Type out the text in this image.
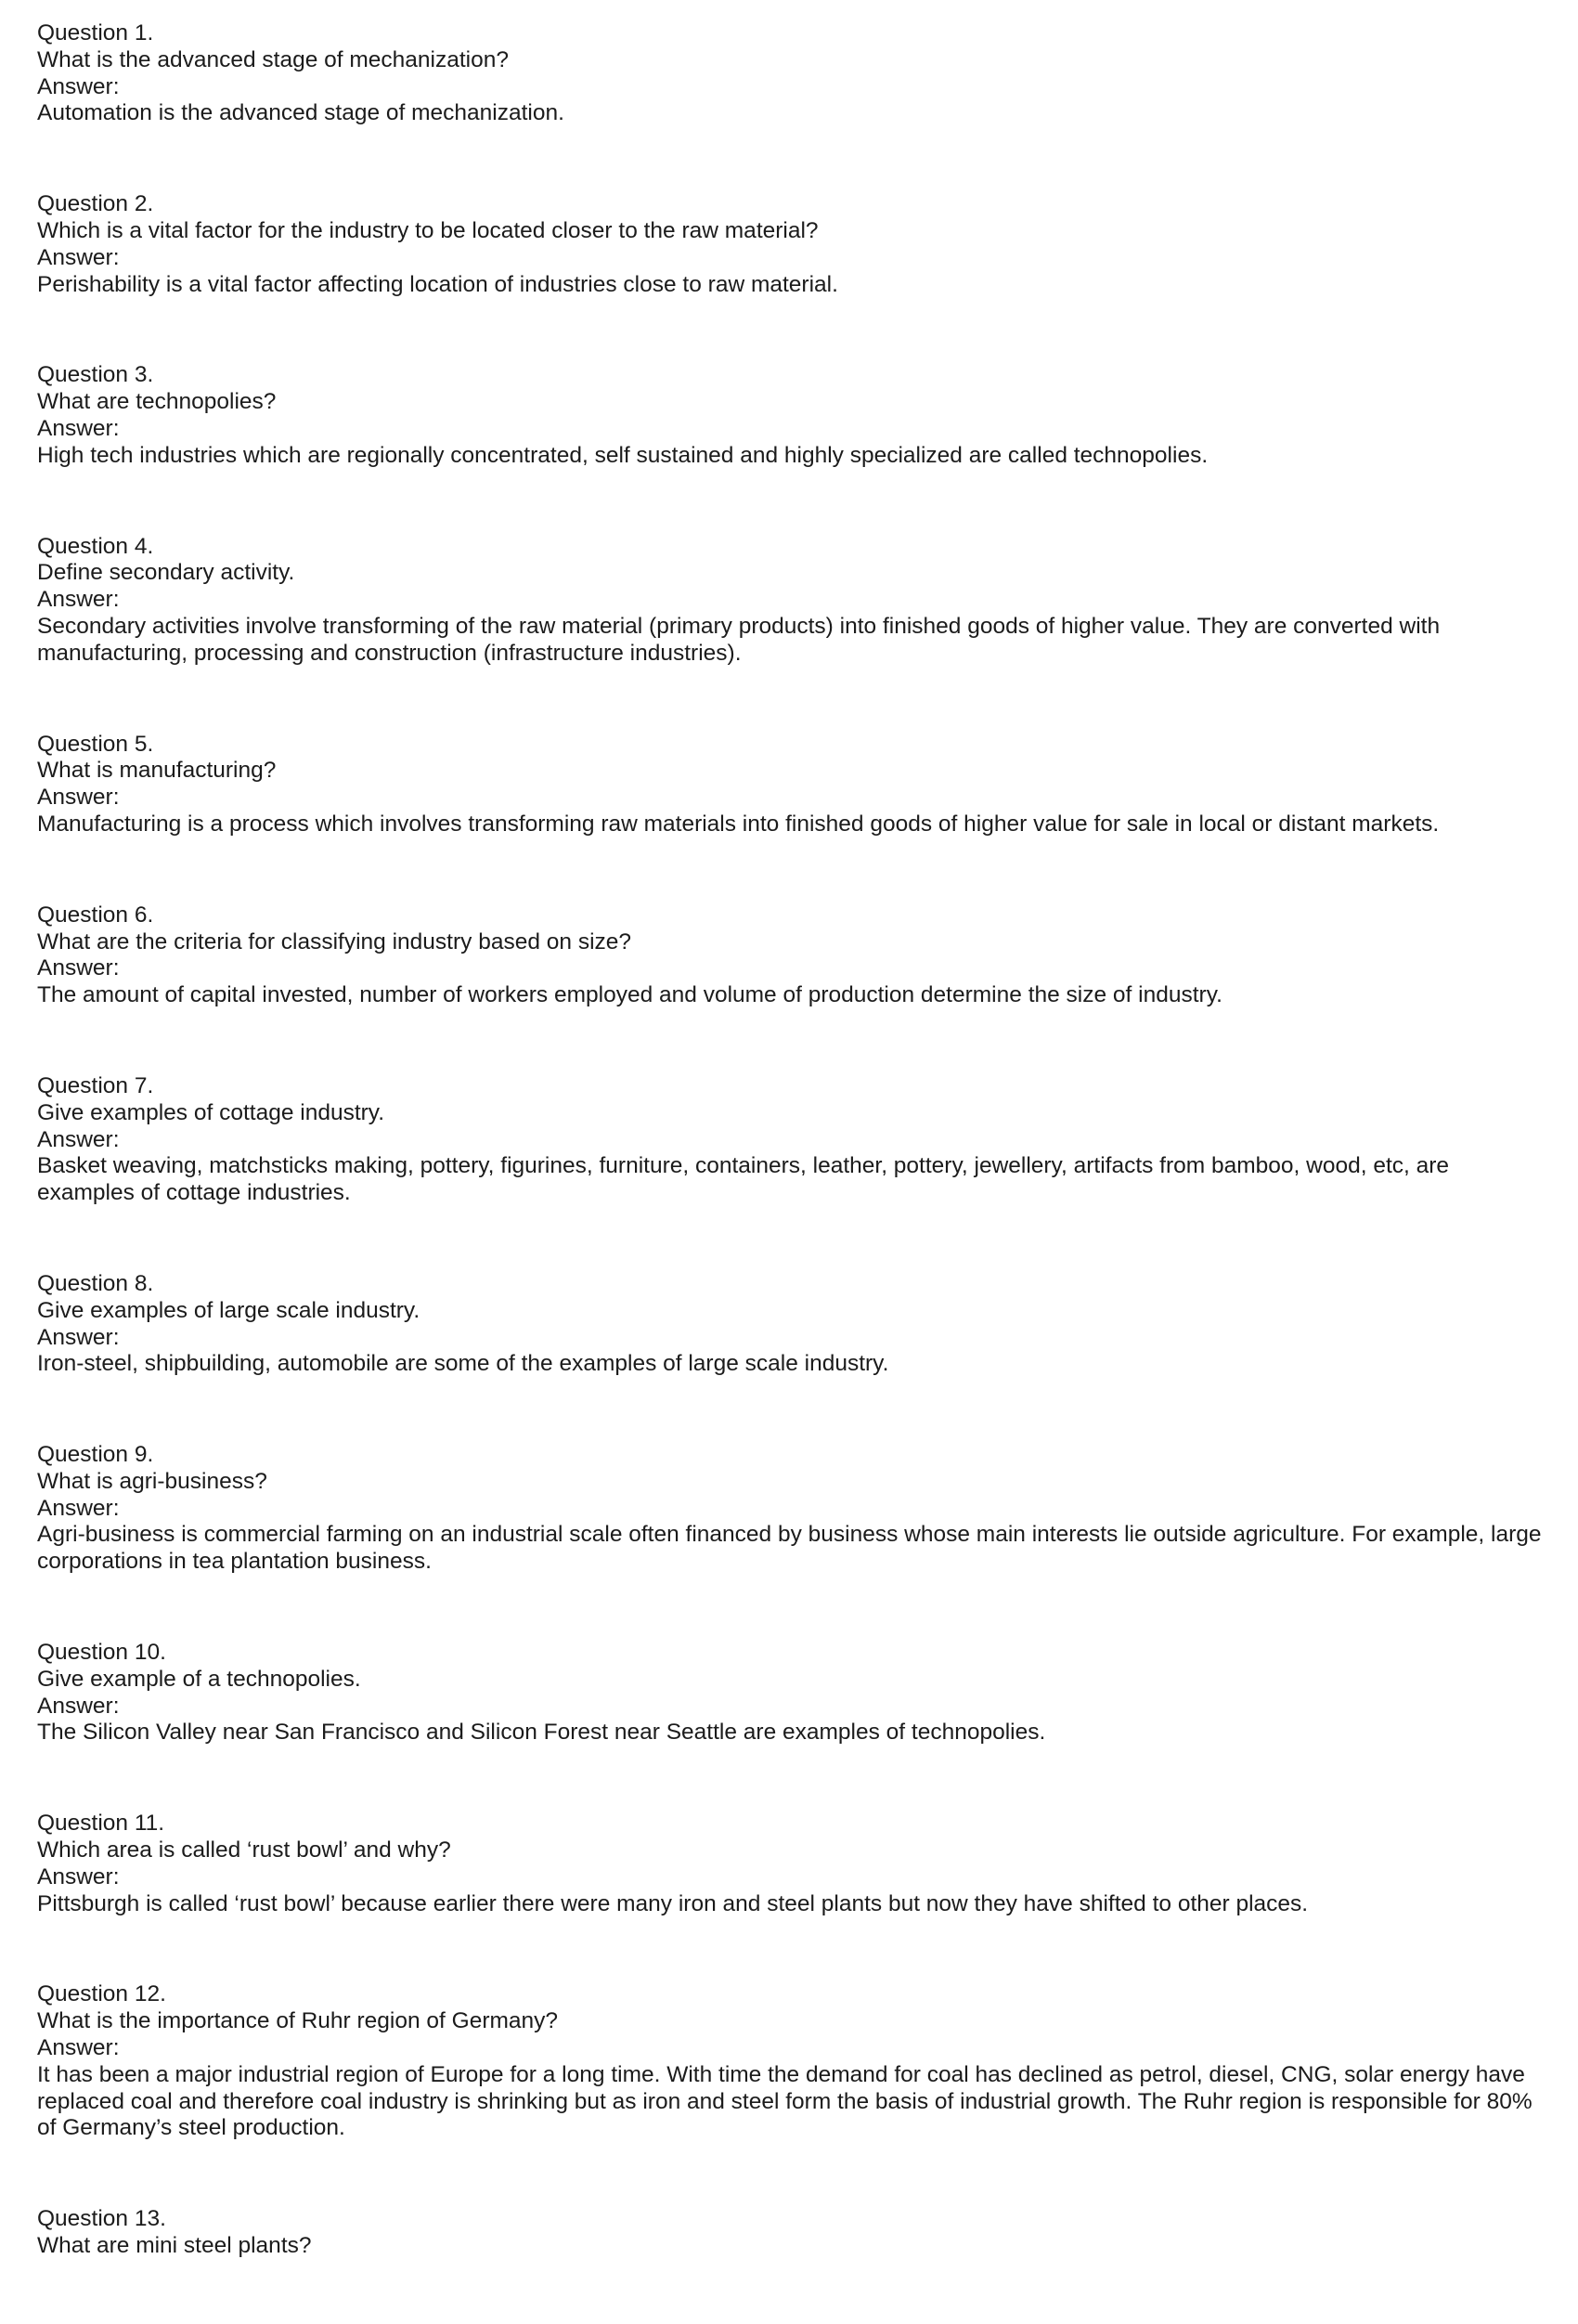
Question 1.
What is the advanced stage of mechanization?
Answer:
Automation is the advanced stage of mechanization.
Question 2.
Which is a vital factor for the industry to be located closer to the raw material?
Answer:
Perishability is a vital factor affecting location of industries close to raw material.
Question 3.
What are technopolies?
Answer:
High tech industries which are regionally concentrated, self sustained and highly specialized are called technopolies.
Question 4.
Define secondary activity.
Answer:
Secondary activities involve transforming of the raw material (primary products) into finished goods of higher value. They are converted with manufacturing, processing and construction (infrastructure industries).
Question 5.
What is manufacturing?
Answer:
Manufacturing is a process which involves transforming raw materials into finished goods of higher value for sale in local or distant markets.
Question 6.
What are the criteria for classifying industry based on size?
Answer:
The amount of capital invested, number of workers employed and volume of production determine the size of industry.
Question 7.
Give examples of cottage industry.
Answer:
Basket weaving, matchsticks making, pottery, figurines, furniture, containers, leather, pottery, jewellery, artifacts from bamboo, wood, etc, are examples of cottage industries.
Question 8.
Give examples of large scale industry.
Answer:
Iron-steel, shipbuilding, automobile are some of the examples of large scale industry.
Question 9.
What is agri-business?
Answer:
Agri-business is commercial farming on an industrial scale often financed by business whose main interests lie outside agriculture. For example, large corporations in tea plantation business.
Question 10.
Give example of a technopolies.
Answer:
The Silicon Valley near San Francisco and Silicon Forest near Seattle are examples of technopolies.
Question 11.
Which area is called ‘rust bowl’ and why?
Answer:
Pittsburgh is called ‘rust bowl’ because earlier there were many iron and steel plants but now they have shifted to other places.
Question 12.
What is the importance of Ruhr region of Germany?
Answer:
It has been a major industrial region of Europe for a long time. With time the demand for coal has declined as petrol, diesel, CNG, solar energy have replaced coal and therefore coal industry is shrinking but as iron and steel form the basis of industrial growth. The Ruhr region is responsible for 80% of Germany’s steel production.
Question 13.
What are mini steel plants?
